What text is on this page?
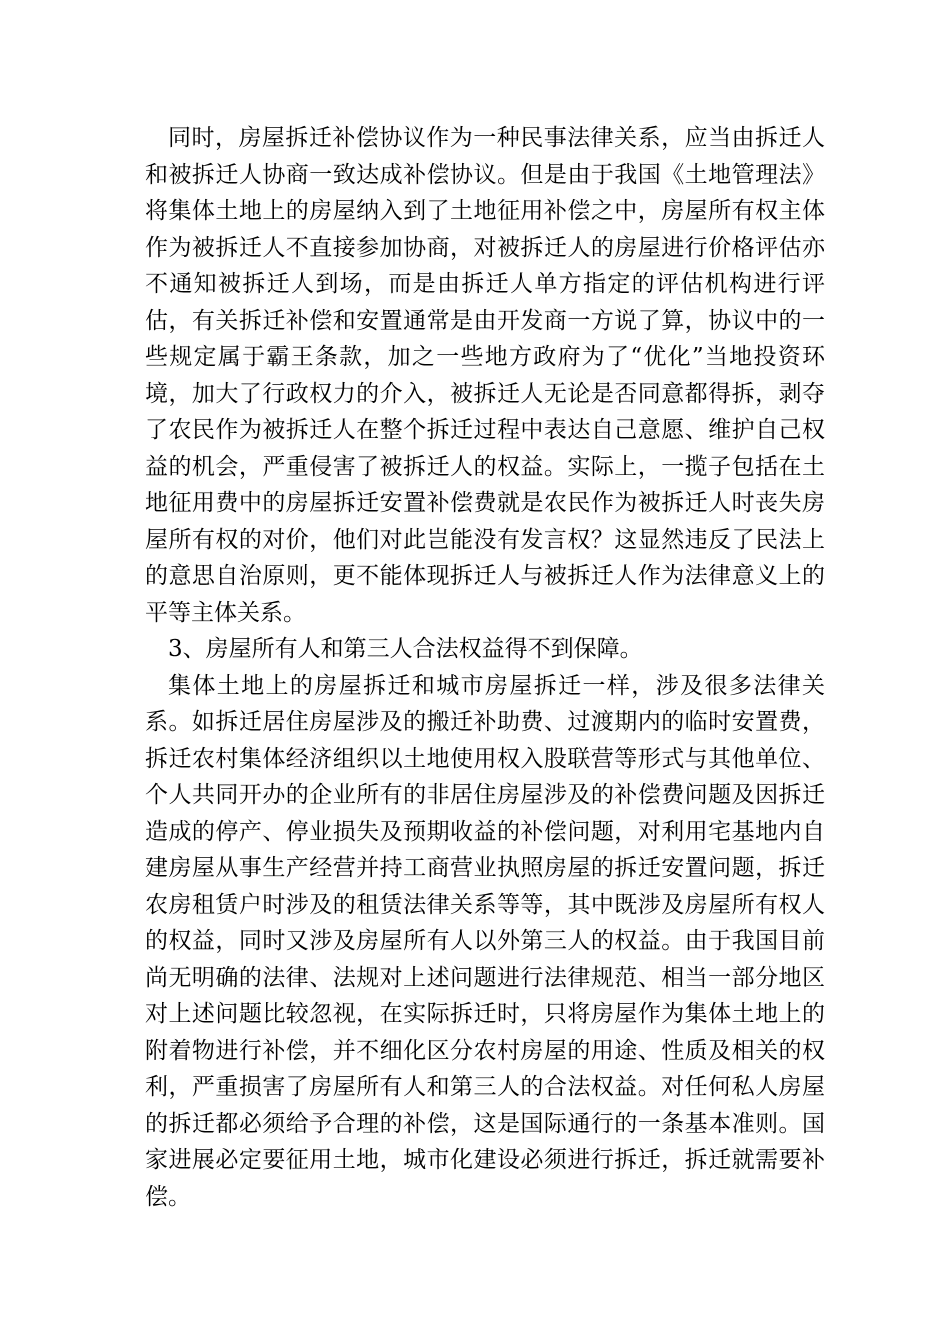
同时，房屋拆迁补偿协议作为一种民事法律关系，应当由拆迁人和被拆迁人协商一致达成补偿协议。但是由于我国《土地管理法》将集体土地上的房屋纳入到了土地征用补偿之中，房屋所有权主体作为被拆迁人不直接参加协商，对被拆迁人的房屋进行价格评估亦不通知被拆迁人到场，而是由拆迁人单方指定的评估机构进行评估，有关拆迁补偿和安置通常是由开发商一方说了算，协议中的一些规定属于霸王条款，加之一些地方政府为了“优化”当地投资环境，加大了行政权力的介入，被拆迁人无论是否同意都得拆，剥夺了农民作为被拆迁人在整个拆迁过程中表达自己意愿、维护自己权益的机会，严重侵害了被拆迁人的权益。实际上，一揽子包括在土地征用费中的房屋拆迁安置补偿费就是农民作为被拆迁人时丧失房屋所有权的对价，他们对此岂能没有发言权？这显然违反了民法上的意思自治原则，更不能体现拆迁人与被拆迁人作为法律意义上的平等主体关系。

3、房屋所有人和第三人合法权益得不到保障。

集体土地上的房屋拆迁和城市房屋拆迁一样，涉及很多法律关系。如拆迁居住房屋涉及的搬迁补助费、过渡期内的临时安置费，拆迁农村集体经济组织以土地使用权入股联营等形式与其他单位、个人共同开办的企业所有的非居住房屋涉及的补偿费问题及因拆迁造成的停产、停业损失及预期收益的补偿问题，对利用宅基地内自建房屋从事生产经营并持工商营业执照房屋的拆迁安置问题，拆迁农房租赁户时涉及的租赁法律关系等等，其中既涉及房屋所有权人的权益，同时又涉及房屋所有人以外第三人的权益。由于我国目前尚无明确的法律、法规对上述问题进行法律规范、相当一部分地区对上述问题比较忽视，在实际拆迁时，只将房屋作为集体土地上的附着物进行补偿，并不细化区分农村房屋的用途、性质及相关的权利，严重损害了房屋所有人和第三人的合法权益。对任何私人房屋的拆迁都必须给予合理的补偿，这是国际通行的一条基本准则。国家进展必定要征用土地，城市化建设必须进行拆迁，拆迁就需要补偿。
